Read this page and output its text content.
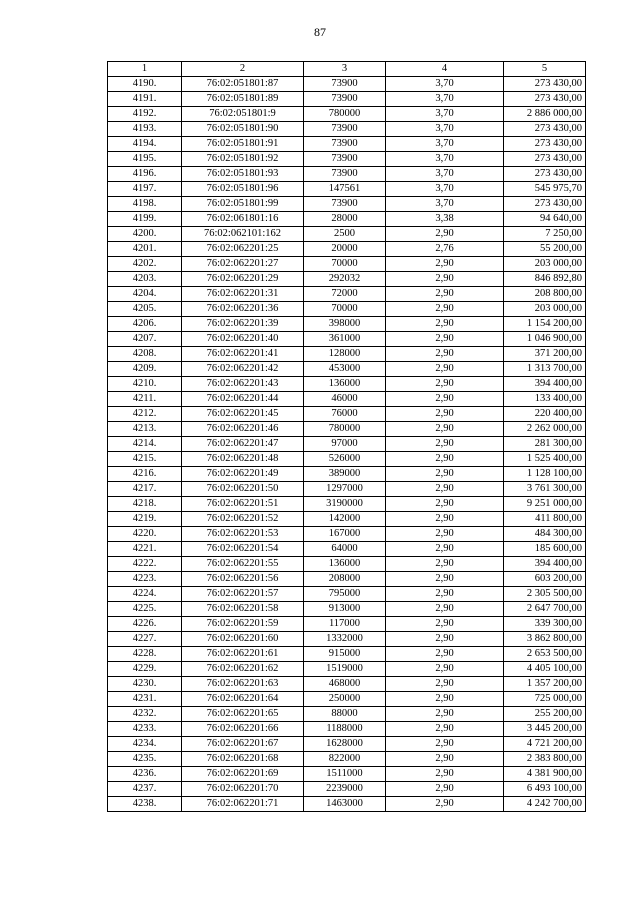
87
1	2	3	4	5
4190.	76:02:051801:87	73900	3,70	273 430,00
4191.	76:02:051801:89	73900	3,70	273 430,00
4192.	76:02:051801:9	780000	3,70	2 886 000,00
4193.	76:02:051801:90	73900	3,70	273 430,00
4194.	76:02:051801:91	73900	3,70	273 430,00
4195.	76:02:051801:92	73900	3,70	273 430,00
4196.	76:02:051801:93	73900	3,70	273 430,00
4197.	76:02:051801:96	147561	3,70	545 975,70
4198.	76:02:051801:99	73900	3,70	273 430,00
4199.	76:02:061801:16	28000	3,38	94 640,00
4200.	76:02:062101:162	2500	2,90	7 250,00
4201.	76:02:062201:25	20000	2,76	55 200,00
4202.	76:02:062201:27	70000	2,90	203 000,00
4203.	76:02:062201:29	292032	2,90	846 892,80
4204.	76:02:062201:31	72000	2,90	208 800,00
4205.	76:02:062201:36	70000	2,90	203 000,00
4206.	76:02:062201:39	398000	2,90	1 154 200,00
4207.	76:02:062201:40	361000	2,90	1 046 900,00
4208.	76:02:062201:41	128000	2,90	371 200,00
4209.	76:02:062201:42	453000	2,90	1 313 700,00
4210.	76:02:062201:43	136000	2,90	394 400,00
4211.	76:02:062201:44	46000	2,90	133 400,00
4212.	76:02:062201:45	76000	2,90	220 400,00
4213.	76:02:062201:46	780000	2,90	2 262 000,00
4214.	76:02:062201:47	97000	2,90	281 300,00
4215.	76:02:062201:48	526000	2,90	1 525 400,00
4216.	76:02:062201:49	389000	2,90	1 128 100,00
4217.	76:02:062201:50	1297000	2,90	3 761 300,00
4218.	76:02:062201:51	3190000	2,90	9 251 000,00
4219.	76:02:062201:52	142000	2,90	411 800,00
4220.	76:02:062201:53	167000	2,90	484 300,00
4221.	76:02:062201:54	64000	2,90	185 600,00
4222.	76:02:062201:55	136000	2,90	394 400,00
4223.	76:02:062201:56	208000	2,90	603 200,00
4224.	76:02:062201:57	795000	2,90	2 305 500,00
4225.	76:02:062201:58	913000	2,90	2 647 700,00
4226.	76:02:062201:59	117000	2,90	339 300,00
4227.	76:02:062201:60	1332000	2,90	3 862 800,00
4228.	76:02:062201:61	915000	2,90	2 653 500,00
4229.	76:02:062201:62	1519000	2,90	4 405 100,00
4230.	76:02:062201:63	468000	2,90	1 357 200,00
4231.	76:02:062201:64	250000	2,90	725 000,00
4232.	76:02:062201:65	88000	2,90	255 200,00
4233.	76:02:062201:66	1188000	2,90	3 445 200,00
4234.	76:02:062201:67	1628000	2,90	4 721 200,00
4235.	76:02:062201:68	822000	2,90	2 383 800,00
4236.	76:02:062201:69	1511000	2,90	4 381 900,00
4237.	76:02:062201:70	2239000	2,90	6 493 100,00
4238.	76:02:062201:71	1463000	2,90	4 242 700,00
